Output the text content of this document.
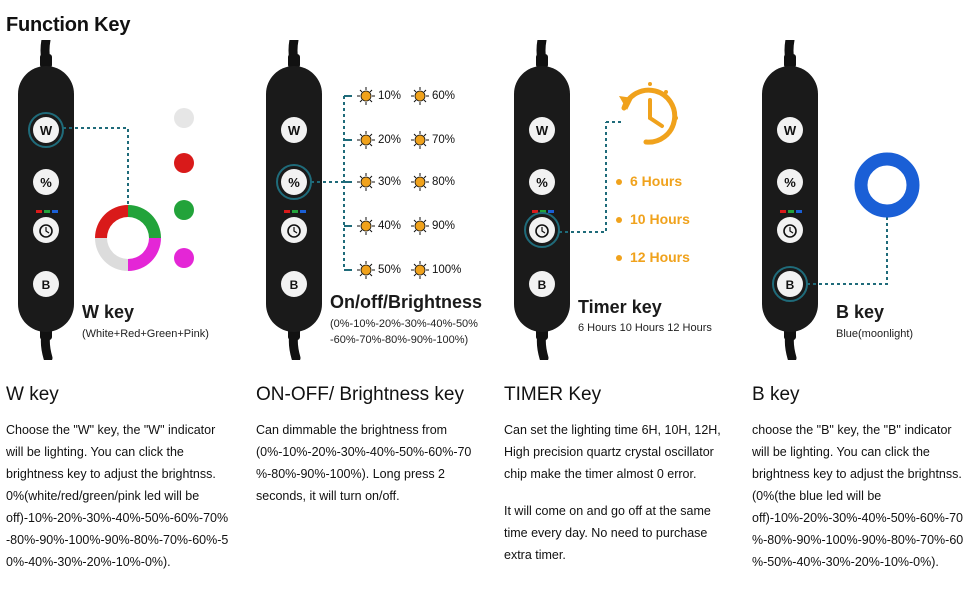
Function Key
W
%
B
W key
(White+Red+Green+Pink)
W key

Choose the "W" key, the "W" indicator will be lighting. You can click the brightness key to adjust the brightnss. 0%(white/red/green/pink led will be off)-10%-20%-30%-40%-50%-60%-70%-80%-90%-100%-90%-80%-70%-60%-50%-40%-30%-20%-10%-0%).

W
%
B
10%
20%
30%
40%
50%
60%
70%
80%
90%
100%
On/off/Brightness
(0%-10%-20%-30%-40%-50%
-60%-70%-80%-90%-100%)
ON-OFF/ Brightness key

Can dimmable the brightness from (0%-10%-20%-30%-40%-50%-60%-70%-80%-90%-100%). Long press 2 seconds, it will turn on/off.

W
%
B
6 Hours
10 Hours
12 Hours
Timer key
6 Hours 10 Hours 12 Hours
TIMER Key

Can set the lighting time 6H, 10H, 12H, High precision quartz crystal oscillator chip make the timer almost 0 error.

It will come on and go off at the same time every day. No need to purchase extra timer.

W
%
B
B key
Blue(moonlight)
B key

choose the "B" key, the "B" indicator will be lighting. You can click the brightness key to adjust the brightnss.(0%(the blue led will be off)-10%-20%-30%-40%-50%-60%-70%-80%-90%-100%-90%-80%-70%-60%-50%-40%-30%-20%-10%-0%).
